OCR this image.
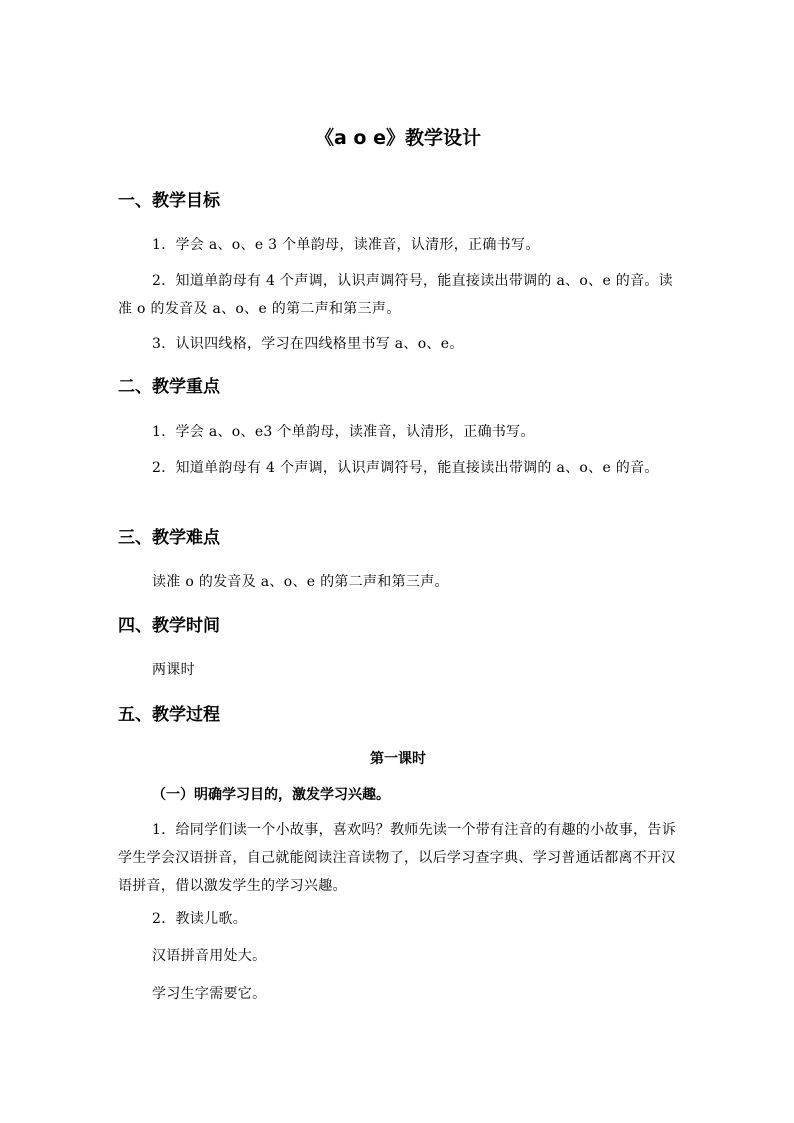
《a o e》教学设计
一、教学目标
1．学会 a、o、e 3 个单韵母，读准音，认清形，正确书写。
2．知道单韵母有 4 个声调，认识声调符号，能直接读出带调的 a、o、e 的音。读准 o 的发音及 a、o、e 的第二声和第三声。
3．认识四线格，学习在四线格里书写 a、o、e。
二、教学重点
1．学会 a、o、e3 个单韵母，读准音，认清形，正确书写。
2．知道单韵母有 4 个声调，认识声调符号，能直接读出带调的 a、o、e 的音。
三、教学难点
读准 o 的发音及 a、o、e 的第二声和第三声。
四、教学时间
两课时
五、教学过程
第一课时
（一）明确学习目的，激发学习兴趣。
1．给同学们读一个小故事，喜欢吗？教师先读一个带有注音的有趣的小故事，告诉学生学会汉语拼音，自己就能阅读注音读物了，以后学习查字典、学习普通话都离不开汉语拼音，借以激发学生的学习兴趣。
2．教读儿歌。
汉语拼音用处大。
学习生字需要它。
